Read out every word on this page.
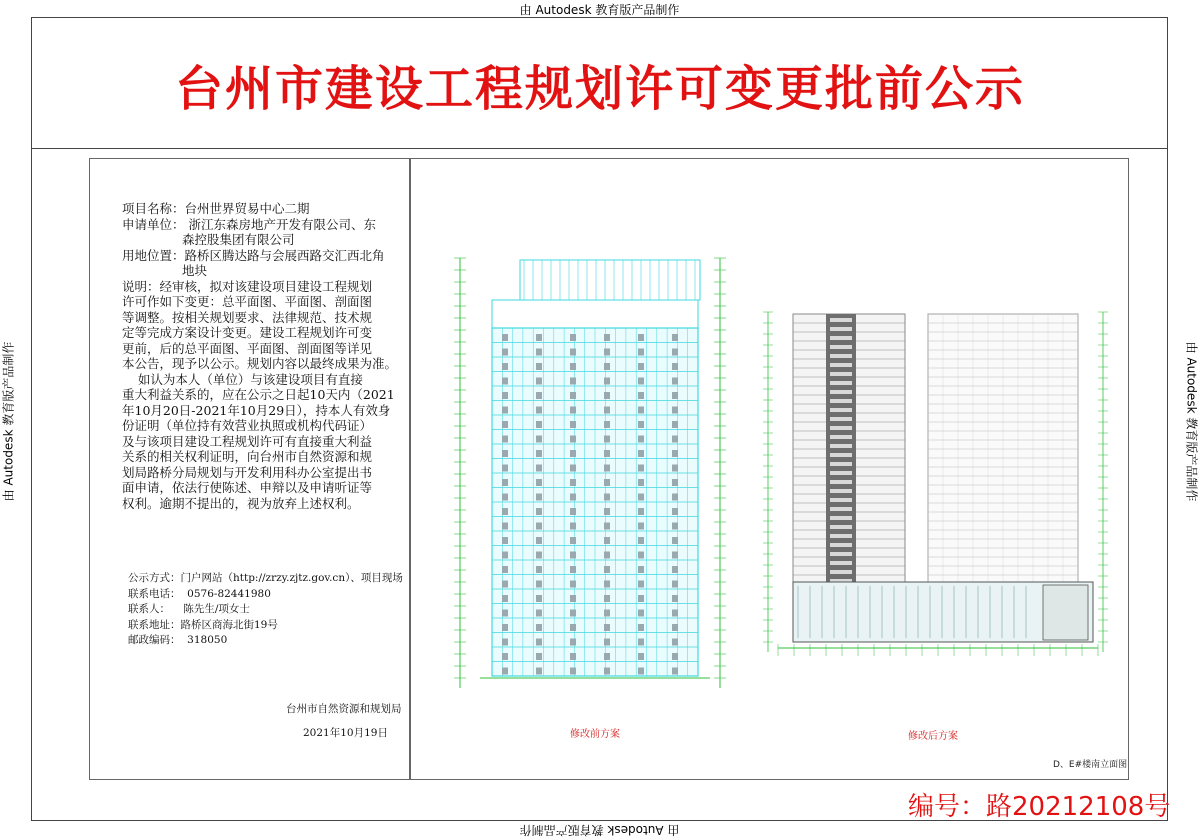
由 Autodesk 教育版产品制作
由 Autodesk 教育版产品制作
由 Autodesk 教育版产品制作	由 Autodesk 教育版产品制作
台州市建设工程规划许可变更批前公示

项目名称：台州世界贸易中心二期

申请单位： 浙江东森房地产开发有限公司、东

森控股集团有限公司

用地位置：路桥区腾达路与会展西路交汇西北角

地块

说明：经审核，拟对该建设项目建设工程规划

许可作如下变更：总平面图、平面图、剖面图

等调整。按相关规划要求、法律规范、技术规

定等完成方案设计变更。建设工程规划许可变

更前，后的总平面图、平面图、剖面图等详见

本公告，现予以公示。规划内容以最终成果为准。

如认为本人（单位）与该建设项目有直接

重大利益关系的，应在公示之日起10天内（2021

年10月20日-2021年10月29日），持本人有效身

份证明（单位持有效营业执照或机构代码证）

及与该项目建设工程规划许可有直接重大利益

关系的相关权利证明，向台州市自然资源和规

划局路桥分局规划与开发利用科办公室提出书

面申请，依法行使陈述、申辩以及申请听证等

权利。逾期不提出的，视为放弃上述权利。

公示方式：门户网站（http://zrzy.zjtz.gov.cn）、项目现场
联系电话：  0576-82441980
联系人：    陈先生/项女士
联系地址：路桥区商海北街19号
邮政编码：  318050
台州市自然资源和规划局
2021年10月19日	修改前方案	修改后方案
D、E#楼南立面图
编号：路20212108号
